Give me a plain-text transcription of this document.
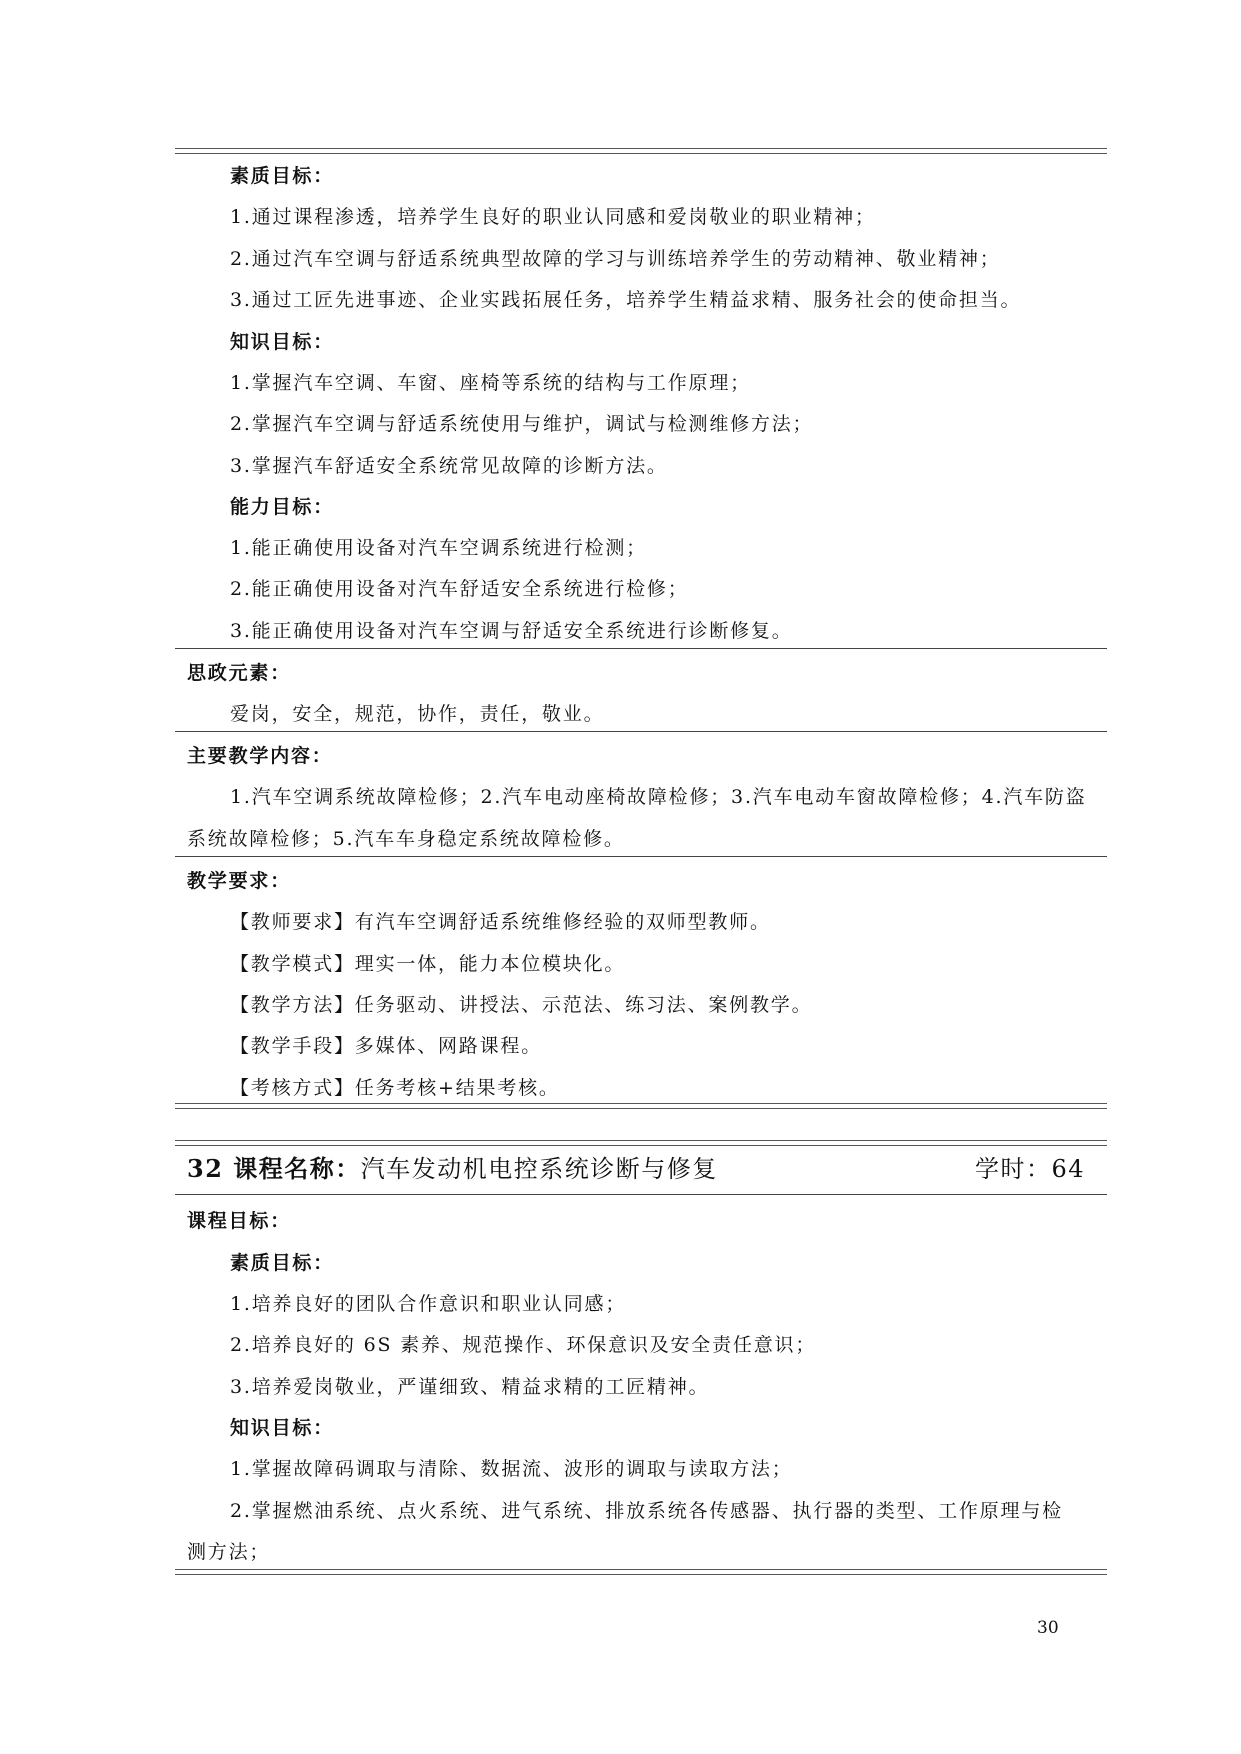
素质目标：
1.通过课程渗透，培养学生良好的职业认同感和爱岗敬业的职业精神；
2.通过汽车空调与舒适系统典型故障的学习与训练培养学生的劳动精神、敬业精神；
3.通过工匠先进事迹、企业实践拓展任务，培养学生精益求精、服务社会的使命担当。
知识目标：
1.掌握汽车空调、车窗、座椅等系统的结构与工作原理；
2.掌握汽车空调与舒适系统使用与维护，调试与检测维修方法；
3.掌握汽车舒适安全系统常见故障的诊断方法。
能力目标：
1.能正确使用设备对汽车空调系统进行检测；
2.能正确使用设备对汽车舒适安全系统进行检修；
3.能正确使用设备对汽车空调与舒适安全系统进行诊断修复。
思政元素：
爱岗，安全，规范，协作，责任，敬业。
主要教学内容：
1.汽车空调系统故障检修；2.汽车电动座椅故障检修；3.汽车电动车窗故障检修；4.汽车防盗
系统故障检修；5.汽车车身稳定系统故障检修。
教学要求：
【教师要求】有汽车空调舒适系统维修经验的双师型教师。
【教学模式】理实一体，能力本位模块化。
【教学方法】任务驱动、讲授法、示范法、练习法、案例教学。
【教学手段】多媒体、网路课程。
【考核方式】任务考核+结果考核。
32 课程名称：汽车发动机电控系统诊断与修复	学时：64
课程目标：
素质目标：
1.培养良好的团队合作意识和职业认同感；
2.培养良好的 6S 素养、规范操作、环保意识及安全责任意识；
3.培养爱岗敬业，严谨细致、精益求精的工匠精神。
知识目标：
1.掌握故障码调取与清除、数据流、波形的调取与读取方法；
2.掌握燃油系统、点火系统、进气系统、排放系统各传感器、执行器的类型、工作原理与检
测方法；
30
